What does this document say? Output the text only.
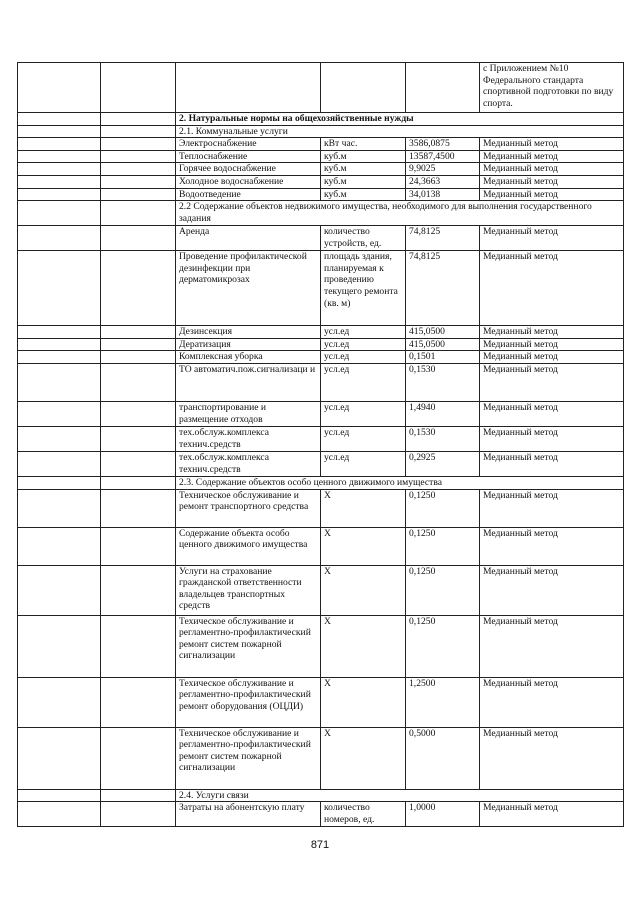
					с Приложением №10 Федерального стандарта спортивной подготовки по виду спорта.
		2. Натуральные нормы на общехозяйственные нужды			
		2.1. Коммунальные услуги			
		Электроснабжение	кВт час.	3586,0875	Медианный метод
		Теплоснабжение	куб.м	13587,4500	Медианный метод
		Горячее водоснабжение	куб.м	9,9025	Медианный метод
		Холодное водоснабжение	куб.м	24,3663	Медианный метод
		Водоотведение	куб.м	34,0138	Медианный метод
		2.2 Содержание объектов недвижимого имущества, необходимого для выполнения государственного задания			
		Аренда	количество устройств, ед.	74,8125	Медианный метод
		Проведение профилактической дезинфекции при дерматомикрозах	площадь здания, планируемая к проведению текущего ремонта (кв. м)	74,8125	Медианный метод
		Дезинсекция	усл.ед	415,0500	Медианный метод
		Дератизация	усл.ед	415,0500	Медианный метод
		Комплексная уборка	усл.ед	0,1501	Медианный метод
		ТО автоматич.пож.сигнализаци и	усл.ед	0,1530	Медианный метод
		транспортирование и размещение отходов	усл.ед	1,4940	Медианный метод
		тех.обслуж.комплекса технич.средств	усл.ед	0,1530	Медианный метод
		тех.обслуж.комплекса технич.средств	усл.ед	0,2925	Медианный метод
		2.3. Содержание объектов особо ценного движимого имущества			
		Техническое обслуживание и ремонт транспортного средства	X	0,1250	Медианный метод
		Содержание объекта особо ценного движимого имущества	X	0,1250	Медианный метод
		Услуги на страхование гражданской ответственности владельцев транспортных средств	X	0,1250	Медианный метод
		Техическое обслуживание и регламентно-профилактический ремонт систем пожарной сигнализации	X	0,1250	Медианный метод
		Техическое обслуживание и регламентно-профилактический ремонт оборудования (ОЦДИ)	X	1,2500	Медианный метод
		Техническое обслуживание и регламентно-профилактический ремонт систем пожарной сигнализации	X	0,5000	Медианный метод
		2.4. Услуги связи			
		Затраты на абонентскую плату	количество номеров, ед.	1,0000	Медианный метод
871
